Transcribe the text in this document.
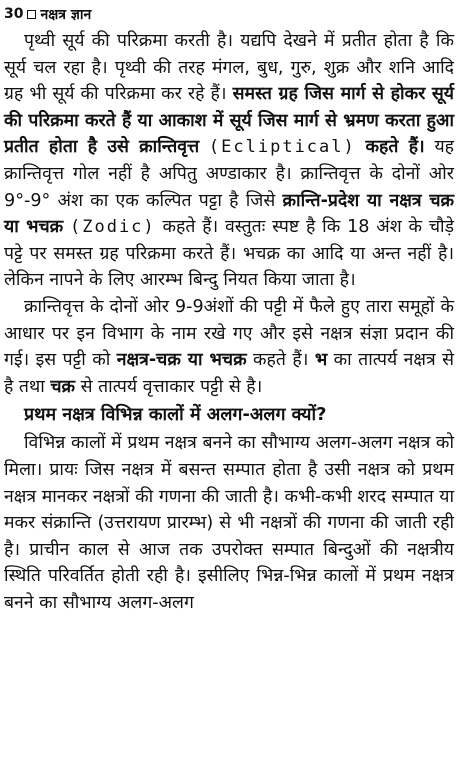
30 नक्षत्र ज्ञान

पृथ्वी सूर्य की परिक्रमा करती है। यद्यपि देखने में प्रतीत होता है कि सूर्य चल रहा है। पृथ्वी की तरह मंगल, बुध, गुरु, शुक्र और शनि आदि ग्रह भी सूर्य की परिक्रमा कर रहे हैं। समस्त ग्रह जिस मार्ग से होकर सूर्य की परिक्रमा करते हैं या आकाश में सूर्य जिस मार्ग से भ्रमण करता हुआ प्रतीत होता है उसे क्रान्तिवृत्त (Ecliptical) कहते हैं। यह क्रान्तिवृत्त गोल नहीं है अपितु अण्डाकार है। क्रान्तिवृत्त के दोनों ओर 9°-9° अंश का एक कल्पित पट्टा है जिसे क्रान्ति-प्रदेश या नक्षत्र चक्र या भचक्र (Zodic) कहते हैं। वस्तुतः स्पष्ट है कि 18 अंश के चौड़े पट्टे पर समस्त ग्रह परिक्रमा करते हैं। भचक्र का आदि या अन्त नहीं है। लेकिन नापने के लिए आरम्भ बिन्दु नियत किया जाता है।

क्रान्तिवृत्त के दोनों ओर 9-9अंशों की पट्टी में फैले हुए तारा समूहों के आधार पर इन विभाग के नाम रखे गए और इसे नक्षत्र संज्ञा प्रदान की गई। इस पट्टी को नक्षत्र-चक्र या भचक्र कहते हैं। भ का तात्पर्य नक्षत्र से है तथा चक्र से तात्पर्य वृत्ताकार पट्टी से है।

प्रथम नक्षत्र विभिन्न कालों में अलग-अलग क्यों?

विभिन्न कालों में प्रथम नक्षत्र बनने का सौभाग्य अलग-अलग नक्षत्र को मिला। प्रायः जिस नक्षत्र में बसन्त सम्पात होता है उसी नक्षत्र को प्रथम नक्षत्र मानकर नक्षत्रों की गणना की जाती है। कभी-कभी शरद सम्पात या मकर संक्रान्ति (उत्तरायण प्रारम्भ) से भी नक्षत्रों की गणना की जाती रही है। प्राचीन काल से आज तक उपरोक्त सम्पात बिन्दुओं की नक्षत्रीय स्थिति परिवर्तित होती रही है। इसीलिए भिन्न-भिन्न कालों में प्रथम नक्षत्र बनने का सौभाग्य अलग-अलग
